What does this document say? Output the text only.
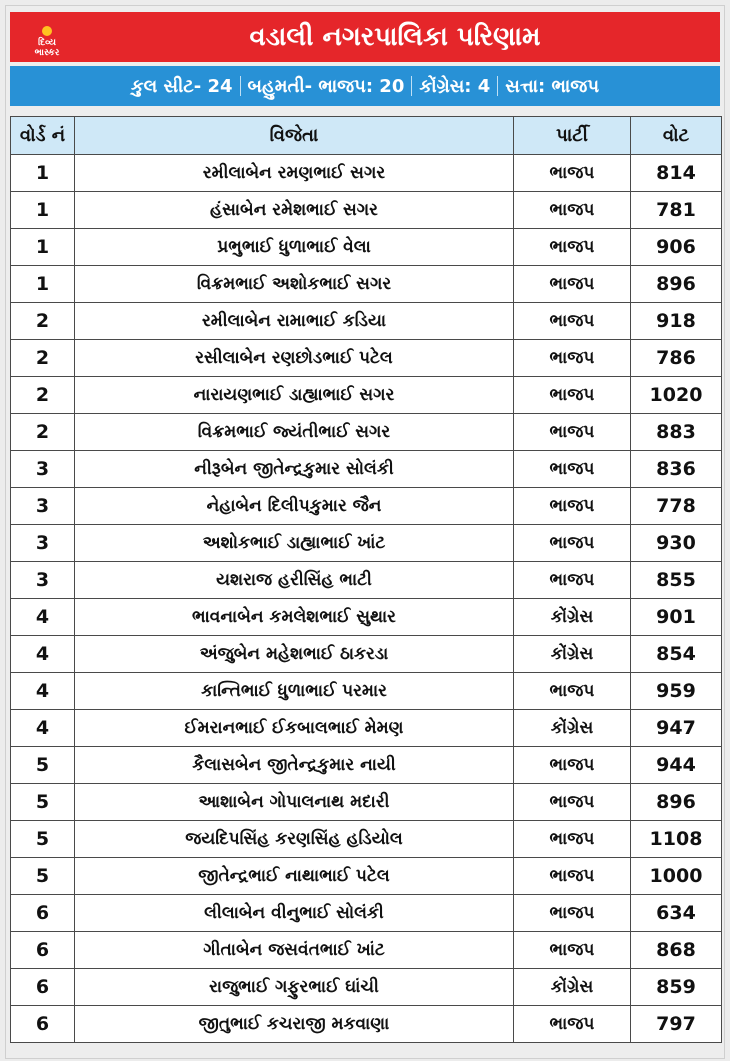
દિવ્ય
ભાસ્કર
વડાલી નગરપાલિકા પરિણામ
કુલ સીટ- 24 બહુમતી- ભાજપ: 20 કોંગ્રેસ: 4 સત્તા: ભાજપ
વોર્ડ નં	વિજેતા	પાર્ટી	વોટ
1	રમીલાબેન રમણભાઈ સગર	ભાજપ	814
1	હંસાબેન રમેશભાઈ સગર	ભાજપ	781
1	પ્રભુભાઈ ધુળાભાઈ વેલા	ભાજપ	906
1	વિક્રમભાઈ અશોકભાઈ સગર	ભાજપ	896
2	રમીલાબેન રામાભાઈ કડિયા	ભાજપ	918
2	રસીલાબેન રણછોડભાઈ પટેલ	ભાજપ	786
2	નારાયણભાઈ ડાહ્યાભાઈ સગર	ભાજપ	1020
2	વિક્રમભાઈ જ્યંતીભાઈ સગર	ભાજપ	883
3	નીરૂબેન જીતેન્દ્રકુમાર સોલંકી	ભાજપ	836
3	નેહાબેન દિલીપકુમાર જૈન	ભાજપ	778
3	અશોકભાઈ ડાહ્યાભાઈ ખાંટ	ભાજપ	930
3	યશરાજ હરીસિંહ ભાટી	ભાજપ	855
4	ભાવનાબેન કમલેશભાઈ સુથાર	કોંગ્રેસ	901
4	અંજુબેન મહેશભાઈ ઠાકરડા	કોંગ્રેસ	854
4	કાન્તિભાઈ ધુળાભાઈ પરમાર	ભાજપ	959
4	ઈમરાનભાઈ ઈકબાલભાઈ મેમણ	કોંગ્રેસ	947
5	કૈલાસબેન જીતેન્દ્રકુમાર નાયી	ભાજપ	944
5	આશાબેન ગોપાલનાથ મદારી	ભાજપ	896
5	જયદિપસિંહ કરણસિંહ હડિયોલ	ભાજપ	1108
5	જીતેન્દ્રભાઈ નાથાભાઈ પટેલ	ભાજપ	1000
6	લીલાબેન વીનુભાઈ સોલંકી	ભાજપ	634
6	ગીતાબેન જસવંતભાઈ ખાંટ	ભાજપ	868
6	રાજુભાઈ ગફુરભાઈ ઘાંચી	કોંગ્રેસ	859
6	જીતુભાઈ કચરાજી મકવાણા	ભાજપ	797
